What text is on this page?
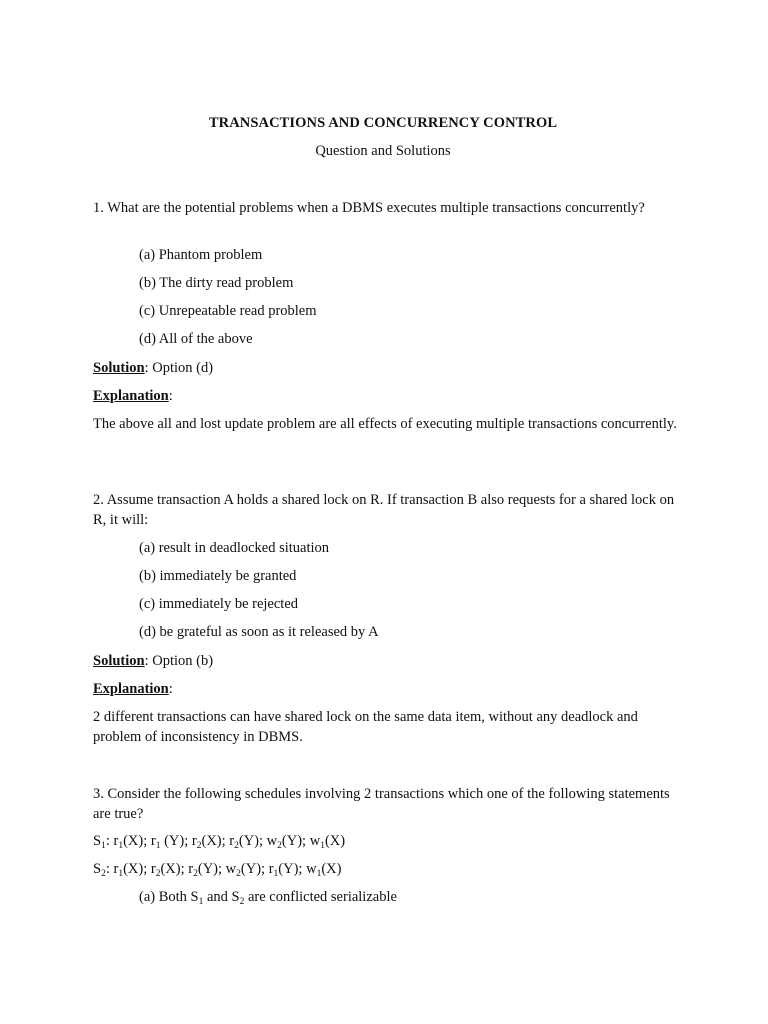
TRANSACTIONS AND CONCURRENCY CONTROL
Question and Solutions
1. What are the potential problems when a DBMS executes multiple transactions concurrently?
(a) Phantom problem
(b) The dirty read problem
(c) Unrepeatable read problem
(d) All of the above
Solution: Option (d)
Explanation:
The above all and lost update problem are all effects of executing multiple transactions concurrently.
2. Assume transaction A holds a shared lock on R. If transaction B also requests for a shared lock on R, it will:
(a) result in deadlocked situation
(b) immediately be granted
(c) immediately be rejected
(d) be grateful as soon as it released by A
Solution: Option (b)
Explanation:
2 different transactions can have shared lock on the same data item, without any deadlock and problem of inconsistency in DBMS.
3. Consider the following schedules involving 2 transactions which one of the following statements are true?
$S_1$: $r_1(X)$; $r_1$ (Y); $r_2(X)$; $r_2(Y)$; $w_2(Y)$; $w_1(X)$
$S_2$: $r_1(X)$; $r_2(X)$; $r_2(Y)$; $w_2(Y)$; $r_1(Y)$; $w_1(X)$
(a) Both $S_1$ and $S_2$ are conflicted serializable
